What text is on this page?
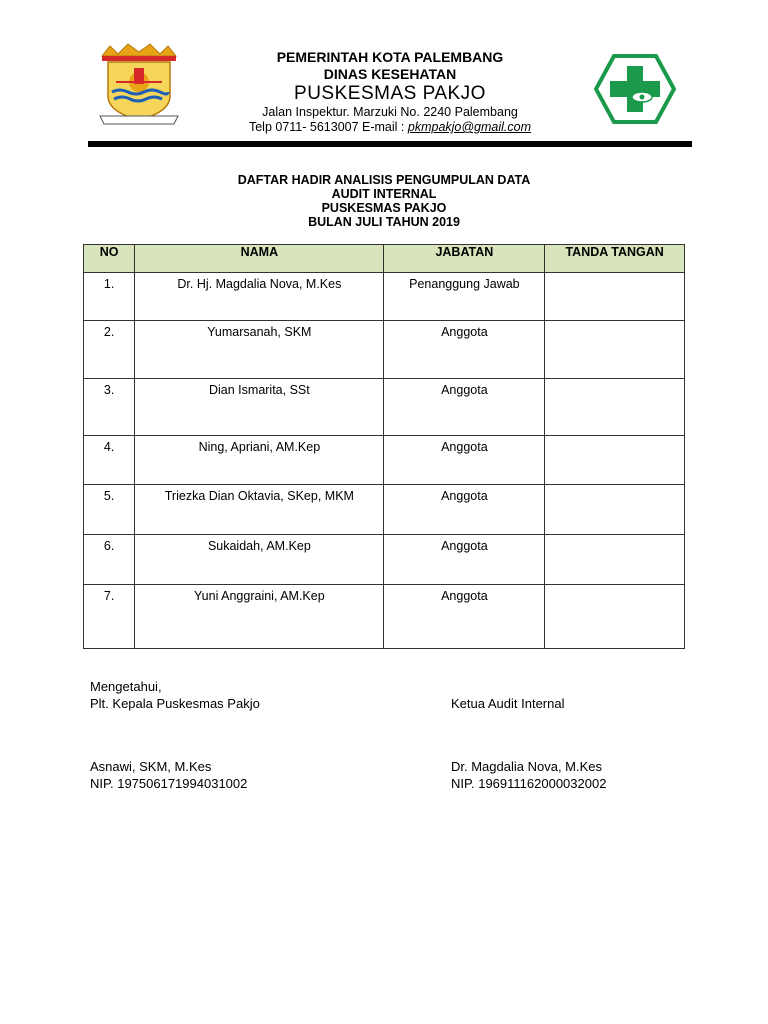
PEMERINTAH KOTA PALEMBANG
DINAS KESEHATAN
PUSKESMAS PAKJO
Jalan Inspektur. Marzuki No. 2240 Palembang
Telp 0711- 5613007 E-mail : pkmpakjo@gmail.com
DAFTAR HADIR ANALISIS PENGUMPULAN DATA
AUDIT INTERNAL
PUSKESMAS PAKJO
BULAN JULI TAHUN 2019
NO	NAMA	JABATAN	TANDA TANGAN
1.	Dr. Hj. Magdalia Nova, M.Kes	Penanggung Jawab	
2.	Yumarsanah, SKM	Anggota	
3.	Dian Ismarita, SSt	Anggota	
4.	Ning, Apriani, AM.Kep	Anggota	
5.	Triezka Dian Oktavia, SKep, MKM	Anggota	
6.	Sukaidah, AM.Kep	Anggota	
7.	Yuni Anggraini, AM.Kep	Anggota	
Mengetahui,
Plt. Kepala Puskesmas Pakjo	Ketua Audit Internal
Asnawi, SKM, M.Kes
NIP. 197506171994031002
Dr. Magdalia Nova, M.Kes
NIP. 196911162000032002
